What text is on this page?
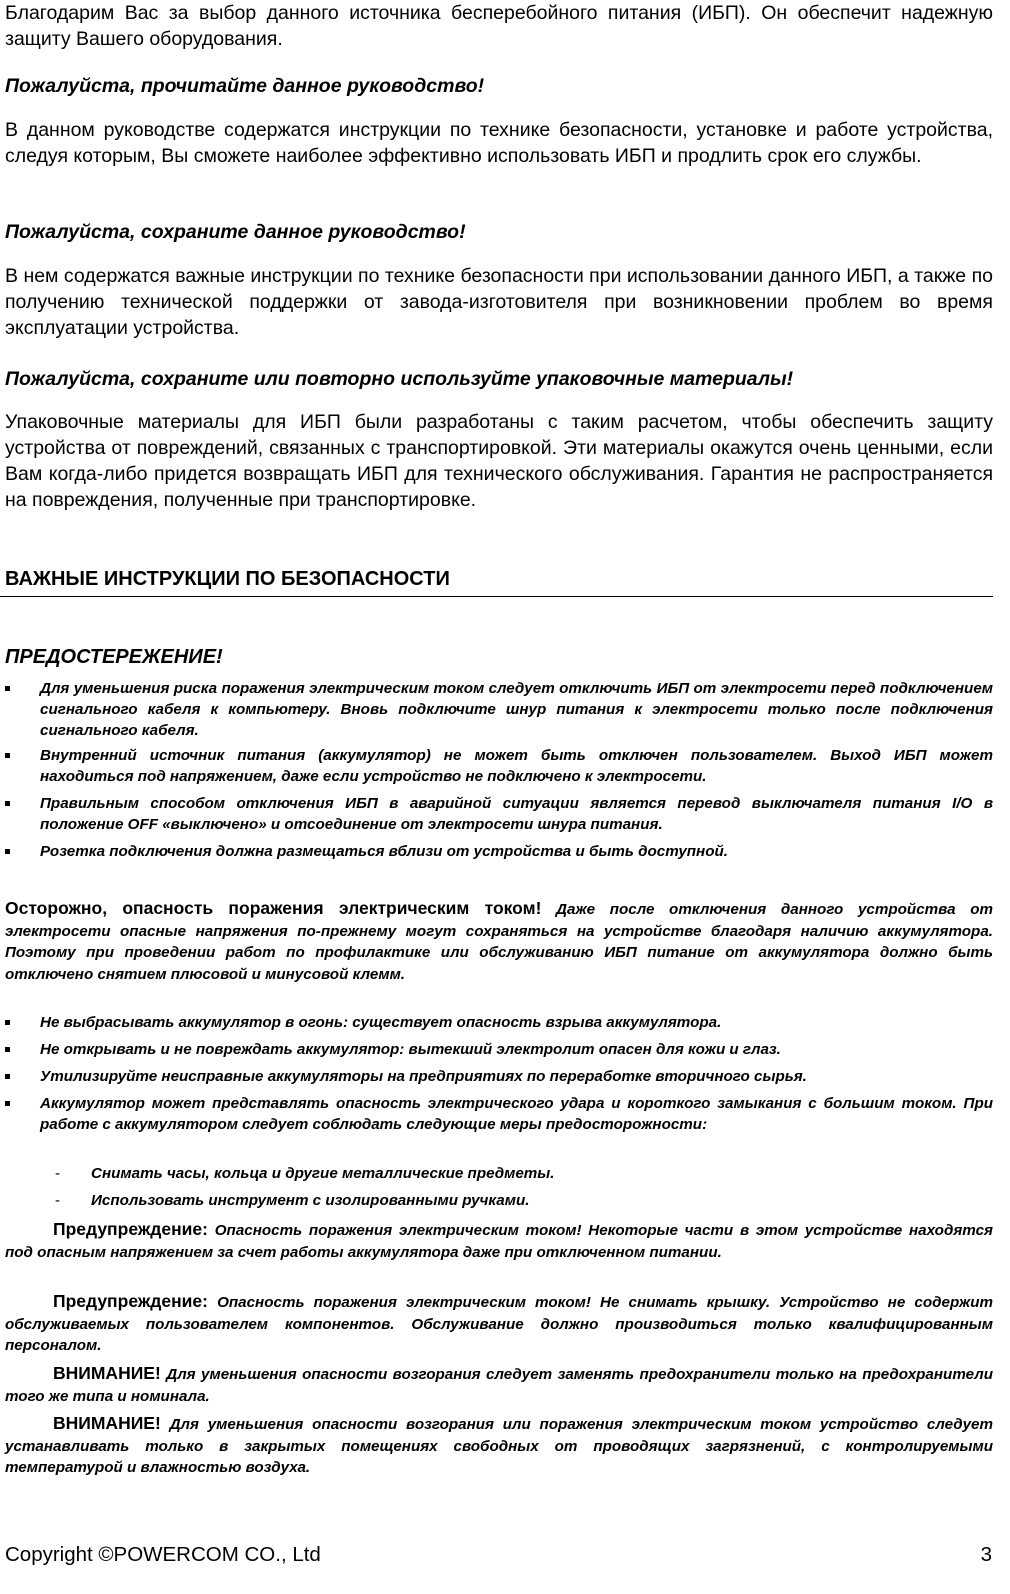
Благодарим Вас за выбор данного источника бесперебойного питания (ИБП). Он обеспечит надежную защиту Вашего оборудования.

Пожалуйста, прочитайте данное руководство!

В данном руководстве содержатся инструкции по технике безопасности, установке и работе устройства, следуя которым, Вы сможете наиболее эффективно использовать ИБП и продлить срок его службы.

Пожалуйста, сохраните данное руководство!

В нем содержатся важные инструкции по технике безопасности при использовании данного ИБП, а также по получению технической поддержки от завода-изготовителя при возникновении проблем во время эксплуатации устройства.

Пожалуйста, сохраните или повторно используйте упаковочные материалы!

Упаковочные материалы для ИБП были разработаны с таким расчетом, чтобы обеспечить защиту устройства от повреждений, связанных с транспортировкой. Эти материалы окажутся очень ценными, если Вам когда-либо придется возвращать ИБП для технического обслуживания. Гарантия не распространяется на повреждения, полученные при транспортировке.

ВАЖНЫЕ ИНСТРУКЦИИ ПО БЕЗОПАСНОСТИ

ПРЕДОСТЕРЕЖЕНИЕ!

Для уменьшения риска поражения электрическим током следует отключить ИБП от электросети перед подключением сигнального кабеля к компьютеру. Вновь подключите шнур питания к электросети только после подключения сигнального кабеля.
Внутренний источник питания (аккумулятор) не может быть отключен пользователем. Выход ИБП может находиться под напряжением, даже если устройство не подключено к электросети.
Правильным способом отключения ИБП в аварийной ситуации является перевод выключателя питания I/O в положение OFF «выключено» и отсоединение от электросети шнура питания.
Розетка подключения должна размещаться вблизи от устройства и быть доступной.

Осторожно, опасность поражения электрическим током! Даже после отключения данного устройства от электросети опасные напряжения по-прежнему могут сохраняться на устройстве благодаря наличию аккумулятора. Поэтому при проведении работ по профилактике или обслуживанию ИБП питание от аккумулятора должно быть отключено снятием плюсовой и минусовой клемм.

Не выбрасывать аккумулятор в огонь: существует опасность взрыва аккумулятора.
Не открывать и не повреждать аккумулятор: вытекший электролит опасен для кожи и глаз.
Утилизируйте неисправные аккумуляторы на предприятиях по переработке вторичного сырья.
Аккумулятор может представлять опасность электрического удара и короткого замыкания с большим током. При работе с аккумулятором следует соблюдать следующие меры предосторожности:
- Снимать часы, кольца и другие металлические предметы.
- Использовать инструмент с изолированными ручками.

Предупреждение: Опасность поражения электрическим током! Некоторые части в этом устройстве находятся под опасным напряжением за счет работы аккумулятора даже при отключенном питании.

Предупреждение: Опасность поражения электрическим током! Не снимать крышку. Устройство не содержит обслуживаемых пользователем компонентов. Обслуживание должно производиться только квалифицированным персоналом.

ВНИМАНИЕ! Для уменьшения опасности возгорания следует заменять предохранители только на предохранители того же типа и номинала.

ВНИМАНИЕ! Для уменьшения опасности возгорания или поражения электрическим током устройство следует устанавливать только в закрытых помещениях свободных от проводящих загрязнений, с контролируемыми температурой и влажностью воздуха.

Copyright ©POWERCOM CO., Ltd	3
